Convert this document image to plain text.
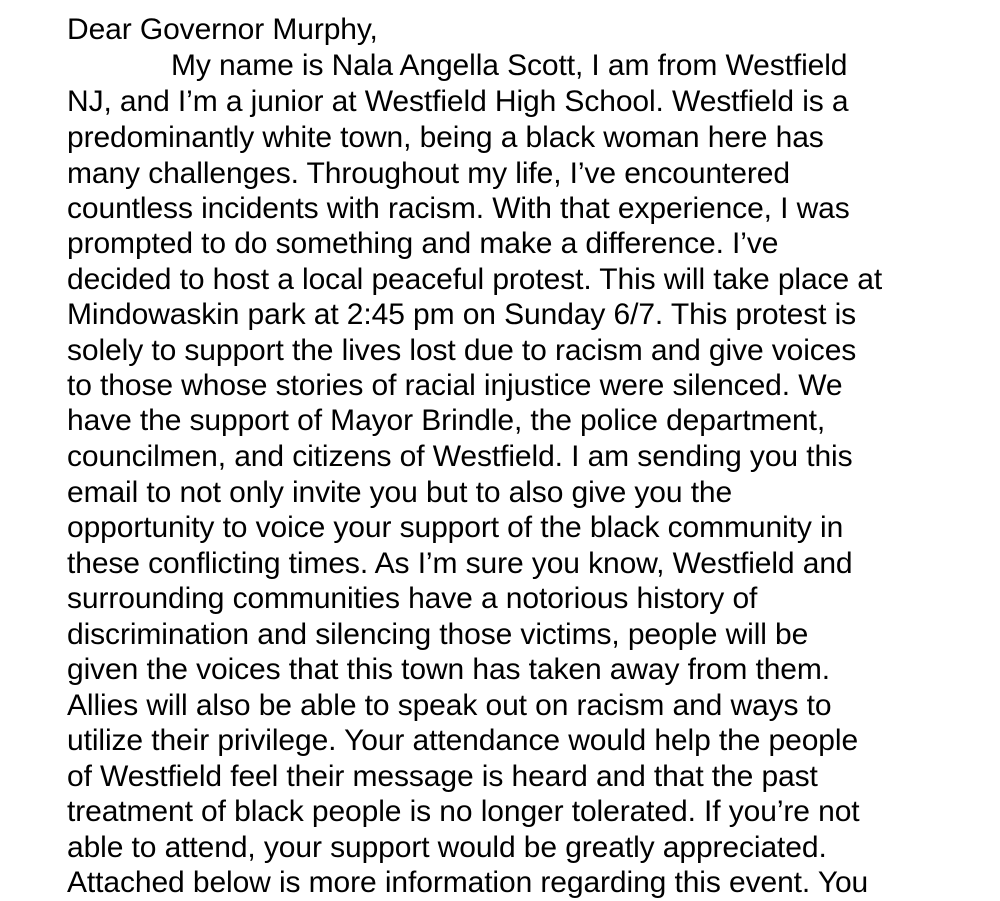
Dear Governor Murphy,
My name is Nala Angella Scott, I am from Westfield
NJ, and I’m a junior at Westfield High School. Westfield is a
predominantly white town, being a black woman here has
many challenges. Throughout my life, I’ve encountered
countless incidents with racism. With that experience, I was
prompted to do something and make a difference. I’ve
decided to host a local peaceful protest. This will take place at
Mindowaskin park at 2:45 pm on Sunday 6/7. This protest is
solely to support the lives lost due to racism and give voices
to those whose stories of racial injustice were silenced. We
have the support of Mayor Brindle, the police department,
councilmen, and citizens of Westfield. I am sending you this
email to not only invite you but to also give you the
opportunity to voice your support of the black community in
these conflicting times. As I’m sure you know, Westfield and
surrounding communities have a notorious history of
discrimination and silencing those victims, people will be
given the voices that this town has taken away from them.
Allies will also be able to speak out on racism and ways to
utilize their privilege. Your attendance would help the people
of Westfield feel their message is heard and that the past
treatment of black people is no longer tolerated. If you’re not
able to attend, your support would be greatly appreciated.
Attached below is more information regarding this event. You
